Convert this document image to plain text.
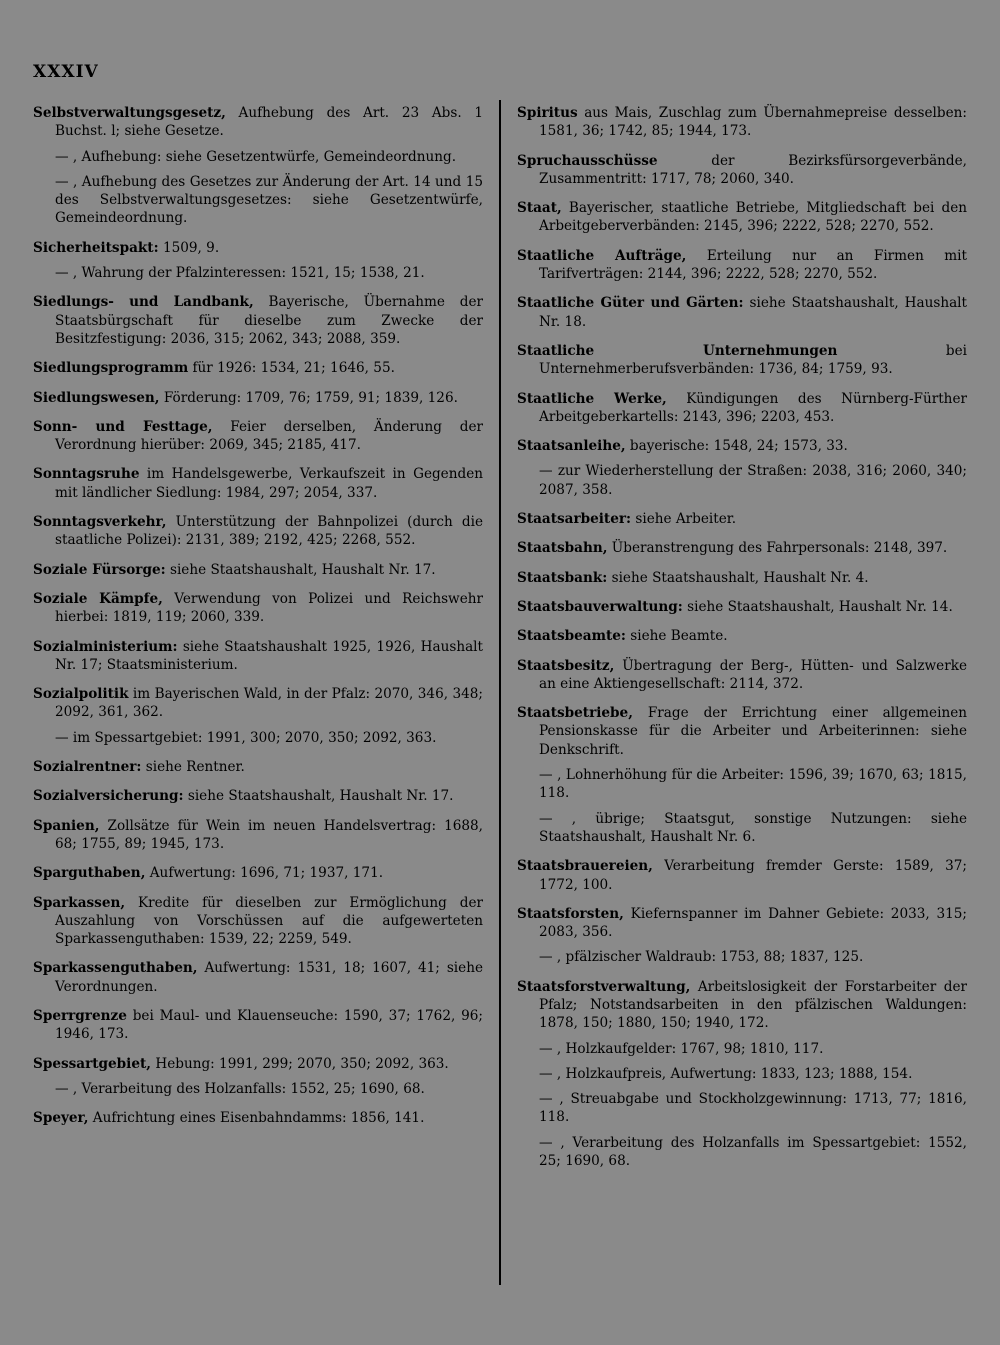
XXXIV

Selbstverwaltungsgesetz, Aufhebung des Art. 23 Abs. 1 Buchst. l; siehe Gesetze.

— , Aufhebung: siehe Gesetzentwürfe, Gemeindeordnung.

— , Aufhebung des Gesetzes zur Änderung der Art. 14 und 15 des Selbstverwaltungsgesetzes: siehe Gesetzentwürfe, Gemeindeordnung.

Sicherheitspakt: 1509, 9.

— , Wahrung der Pfalzinteressen: 1521, 15; 1538, 21.

Siedlungs- und Landbank, Bayerische, Übernahme der Staatsbürgschaft für dieselbe zum Zwecke der Besitzfestigung: 2036, 315; 2062, 343; 2088, 359.

Siedlungsprogramm für 1926: 1534, 21; 1646, 55.

Siedlungswesen, Förderung: 1709, 76; 1759, 91; 1839, 126.

Sonn- und Festtage, Feier derselben, Änderung der Verordnung hierüber: 2069, 345; 2185, 417.

Sonntagsruhe im Handelsgewerbe, Verkaufszeit in Gegenden mit ländlicher Siedlung: 1984, 297; 2054, 337.

Sonntagsverkehr, Unterstützung der Bahnpolizei (durch die staatliche Polizei): 2131, 389; 2192, 425; 2268, 552.

Soziale Fürsorge: siehe Staatshaushalt, Haushalt Nr. 17.

Soziale Kämpfe, Verwendung von Polizei und Reichswehr hierbei: 1819, 119; 2060, 339.

Sozialministerium: siehe Staatshaushalt 1925, 1926, Haushalt Nr. 17; Staatsministerium.

Sozialpolitik im Bayerischen Wald, in der Pfalz: 2070, 346, 348; 2092, 361, 362.

— im Spessartgebiet: 1991, 300; 2070, 350; 2092, 363.

Sozialrentner: siehe Rentner.

Sozialversicherung: siehe Staatshaushalt, Haushalt Nr. 17.

Spanien, Zollsätze für Wein im neuen Handelsvertrag: 1688, 68; 1755, 89; 1945, 173.

Sparguthaben, Aufwertung: 1696, 71; 1937, 171.

Sparkassen, Kredite für dieselben zur Ermöglichung der Auszahlung von Vorschüssen auf die aufgewerteten Sparkassenguthaben: 1539, 22; 2259, 549.

Sparkassenguthaben, Aufwertung: 1531, 18; 1607, 41; siehe Verordnungen.

Sperrgrenze bei Maul- und Klauenseuche: 1590, 37; 1762, 96; 1946, 173.

Spessartgebiet, Hebung: 1991, 299; 2070, 350; 2092, 363.

— , Verarbeitung des Holzanfalls: 1552, 25; 1690, 68.

Speyer, Aufrichtung eines Eisenbahndamms: 1856, 141.

Spiritus aus Mais, Zuschlag zum Übernahmepreise desselben: 1581, 36; 1742, 85; 1944, 173.

Spruchausschüsse der Bezirksfürsorgeverbände, Zusammentritt: 1717, 78; 2060, 340.

Staat, Bayerischer, staatliche Betriebe, Mitgliedschaft bei den Arbeitgeberverbänden: 2145, 396; 2222, 528; 2270, 552.

Staatliche Aufträge, Erteilung nur an Firmen mit Tarifverträgen: 2144, 396; 2222, 528; 2270, 552.

Staatliche Güter und Gärten: siehe Staatshaushalt, Haushalt Nr. 18.

Staatliche Unternehmungen bei Unternehmerberufsverbänden: 1736, 84; 1759, 93.

Staatliche Werke, Kündigungen des Nürnberg-Fürther Arbeitgeberkartells: 2143, 396; 2203, 453.

Staatsanleihe, bayerische: 1548, 24; 1573, 33.

— zur Wiederherstellung der Straßen: 2038, 316; 2060, 340; 2087, 358.

Staatsarbeiter: siehe Arbeiter.

Staatsbahn, Überanstrengung des Fahrpersonals: 2148, 397.

Staatsbank: siehe Staatshaushalt, Haushalt Nr. 4.

Staatsbauverwaltung: siehe Staatshaushalt, Haushalt Nr. 14.

Staatsbeamte: siehe Beamte.

Staatsbesitz, Übertragung der Berg-, Hütten- und Salzwerke an eine Aktiengesellschaft: 2114, 372.

Staatsbetriebe, Frage der Errichtung einer allgemeinen Pensionskasse für die Arbeiter und Arbeiterinnen: siehe Denkschrift.

— , Lohnerhöhung für die Arbeiter: 1596, 39; 1670, 63; 1815, 118.

— , übrige; Staatsgut, sonstige Nutzungen: siehe Staatshaushalt, Haushalt Nr. 6.

Staatsbrauereien, Verarbeitung fremder Gerste: 1589, 37; 1772, 100.

Staatsforsten, Kiefernspanner im Dahner Gebiete: 2033, 315; 2083, 356.

— , pfälzischer Waldraub: 1753, 88; 1837, 125.

Staatsforstverwaltung, Arbeitslosigkeit der Forstarbeiter der Pfalz; Notstandsarbeiten in den pfälzischen Waldungen: 1878, 150; 1880, 150; 1940, 172.

— , Holzkaufgelder: 1767, 98; 1810, 117.

— , Holzkaufpreis, Aufwertung: 1833, 123; 1888, 154.

— , Streuabgabe und Stockholzgewinnung: 1713, 77; 1816, 118.

— , Verarbeitung des Holzanfalls im Spessartgebiet: 1552, 25; 1690, 68.
